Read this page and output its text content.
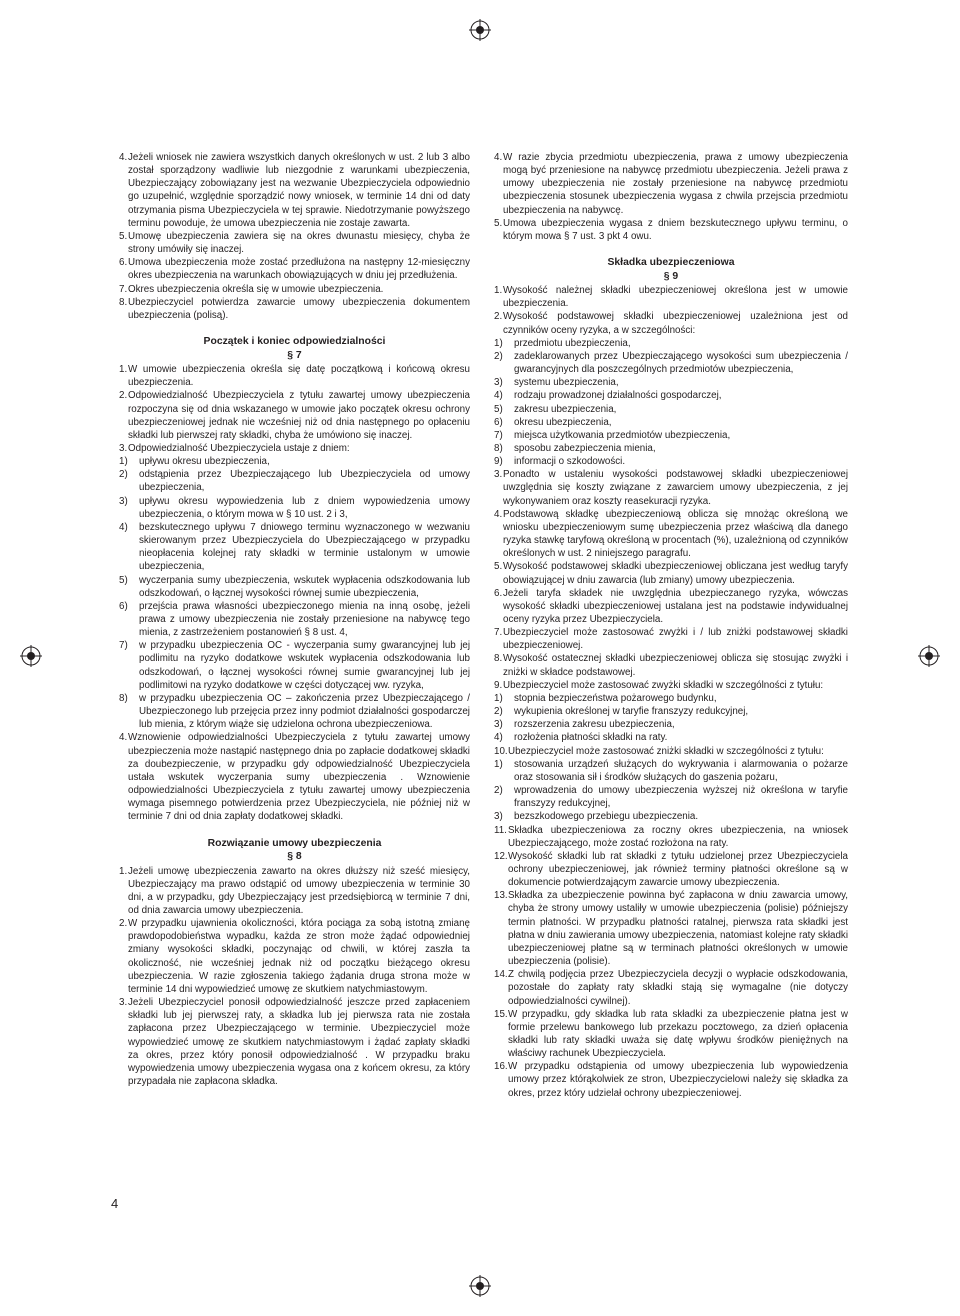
4. Jeżeli wniosek nie zawiera wszystkich danych określonych w ust. 2 lub 3 albo został sporządzony wadliwie lub niezgodnie z warunkami ubezpieczenia, Ubezpieczający zobowiązany jest na wezwanie Ubezpieczyciela odpowiednio go uzupełnić, względnie sporządzić nowy wniosek, w terminie 14 dni od daty otrzymania pisma Ubezpieczyciela w tej sprawie. Niedotrzymanie powyższego terminu powoduje, że umowa ubezpieczenia nie zostaje zawarta.
5. Umowę ubezpieczenia zawiera się na okres dwunastu miesięcy, chyba że strony umówiły się inaczej.
6. Umowa ubezpieczenia może zostać przedłużona na następny 12-miesięczny okres ubezpieczenia na warunkach obowiązujących w dniu jej przedłużenia.
7. Okres ubezpieczenia określa się w umowie ubezpieczenia.
8. Ubezpieczyciel potwierdza zawarcie umowy ubezpieczenia dokumentem ubezpieczenia (polisą).
Początek i koniec odpowiedzialności
§ 7
1. W umowie ubezpieczenia określa się datę początkową i końcową okresu ubezpieczenia.
2. Odpowiedzialność Ubezpieczyciela z tytułu zawartej umowy ubezpieczenia rozpoczyna się od dnia wskazanego w umowie jako początek okresu ochrony ubezpieczeniowej jednak nie wcześniej niż od dnia następnego po opłaceniu składki lub pierwszej raty składki, chyba że umówiono się inaczej.
3. Odpowiedzialność Ubezpieczyciela ustaje z dniem:
1)	upływu okresu ubezpieczenia,
2)	odstąpienia przez Ubezpieczającego lub Ubezpieczyciela od umowy ubezpieczenia,
3)	upływu okresu wypowiedzenia lub z dniem wypowiedzenia umowy ubezpieczenia, o którym mowa w § 10 ust. 2 i 3,
4)	bezskutecznego upływu 7 dniowego terminu wyznaczonego w wezwaniu skierowanym przez Ubezpieczyciela do Ubezpieczającego w przypadku nieopłacenia kolejnej raty składki w terminie ustalonym w umowie ubezpieczenia,
5)	wyczerpania sumy ubezpieczenia, wskutek wypłacenia odszkodowania lub odszkodowań, o łącznej wysokości równej sumie ubezpieczenia,
6)	przejścia prawa własności ubezpieczonego mienia na inną osobę, jeżeli prawa z umowy ubezpieczenia nie zostały przeniesione na nabywcę tego mienia, z zastrzeżeniem postanowień § 8 ust. 4,
7)	w przypadku ubezpieczenia OC - wyczerpania sumy gwarancyjnej lub jej podlimitu na ryzyko dodatkowe wskutek wypłacenia odszkodowania lub odszkodowań, o łącznej wysokości równej sumie gwarancyjnej lub jej podlimitowi na ryzyko dodatkowe w części dotyczącej ww. ryzyka,
8)	w przypadku ubezpieczenia OC – zakończenia przez Ubezpieczającego / Ubezpieczonego lub przejęcia przez inny podmiot działalności gospodarczej lub mienia, z którym wiąże się udzielona ochrona ubezpieczeniowa.
4. Wznowienie odpowiedzialności Ubezpieczyciela z tytułu zawartej umowy ubezpieczenia może nastąpić następnego dnia po zapłacie dodatkowej składki za doubezpieczenie, w przypadku gdy odpowiedzialność Ubezpieczyciela ustała wskutek wyczerpania sumy ubezpieczenia . Wznowienie odpowiedzialności Ubezpieczyciela z tytułu zawartej umowy ubezpieczenia wymaga pisemnego potwierdzenia przez Ubezpieczyciela, nie później niż w terminie 7 dni od dnia zapłaty dodatkowej składki.
Rozwiązanie umowy ubezpieczenia
§ 8
1. Jeżeli umowę ubezpieczenia zawarto na okres dłuższy niż sześć miesięcy, Ubezpieczający ma prawo odstąpić od umowy ubezpieczenia w terminie 30 dni, a w przypadku, gdy Ubezpieczający jest przedsiębiorcą w terminie 7 dni, od dnia zawarcia umowy ubezpieczenia.
2. W przypadku ujawnienia okoliczności, która pociąga za sobą istotną zmianę prawdopodobieństwa wypadku, każda ze stron może żądać odpowiedniej zmiany wysokości składki, poczynając od chwili, w której zaszła ta okoliczność, nie wcześniej jednak niż od początku bieżącego okresu ubezpieczenia. W razie zgłoszenia takiego żądania druga strona może w terminie 14 dni wypowiedzieć umowę ze skutkiem natychmiastowym.
3. Jeżeli Ubezpieczyciel ponosił odpowiedzialność jeszcze przed zapłaceniem składki lub jej pierwszej raty, a składka lub jej pierwsza rata nie została zapłacona przez Ubezpieczającego w terminie. Ubezpieczyciel może wypowiedzieć umowę ze skutkiem natychmiastowym i żądać zapłaty składki za okres, przez który ponosił odpowiedzialność . W przypadku braku wypowiedzenia umowy ubezpieczenia wygasa ona z końcem okresu, za który przypadała nie zapłacona składka.
4. W razie zbycia przedmiotu ubezpieczenia, prawa z umowy ubezpieczenia mogą być przeniesione na nabywcę przedmiotu ubezpieczenia. Jeżeli prawa z umowy ubezpieczenia nie zostały przeniesione na nabywcę przedmiotu ubezpieczenia stosunek ubezpieczenia wygasa z chwila przejscia przedmiotu ubezpieczenia na nabywcę.
5. Umowa ubezpieczenia wygasa z dniem bezskutecznego upływu terminu, o którym mowa § 7 ust. 3 pkt 4 owu.
Składka ubezpieczeniowa
§ 9
1. Wysokość należnej składki ubezpieczeniowej określona jest w umowie ubezpieczenia.
2. Wysokość podstawowej składki ubezpieczeniowej uzależniona jest od czynników oceny ryzyka, a w szczególności:
1)	przedmiotu ubezpieczenia,
2)	zadeklarowanych przez Ubezpieczającego wysokości sum ubezpieczenia / gwarancyjnych dla poszczególnych przedmiotów ubezpieczenia,
3)	systemu ubezpieczenia,
4)	rodzaju prowadzonej działalności gospodarczej,
5)	zakresu ubezpieczenia,
6)	okresu ubezpieczenia,
7)	miejsca użytkowania przedmiotów ubezpieczenia,
8)	sposobu zabezpieczenia mienia,
9)	informacji o szkodowości.
3. Ponadto w ustaleniu wysokości podstawowej składki ubezpieczeniowej uwzględnia się koszty związane z zawarciem umowy ubezpieczenia, z jej wykonywaniem oraz koszty reasekuracji ryzyka.
4. Podstawową składkę ubezpieczeniową oblicza się mnożąc określoną we wniosku ubezpieczeniowym sumę ubezpieczenia przez właściwą dla danego ryzyka stawkę taryfową określoną w procentach (%), uzależnioną od czynników określonych w ust. 2 niniejszego paragrafu.
5. Wysokość podstawowej składki ubezpieczeniowej obliczana jest według taryfy obowiązującej w dniu zawarcia (lub zmiany) umowy ubezpieczenia.
6. Jeżeli taryfa składek nie uwzględnia ubezpieczanego ryzyka, wówczas wysokość składki ubezpieczeniowej ustalana jest na podstawie indywidualnej oceny ryzyka przez Ubezpieczyciela.
7. Ubezpieczyciel może zastosować zwyżki i / lub zniżki podstawowej składki ubezpieczeniowej.
8. Wysokość ostatecznej składki ubezpieczeniowej oblicza się stosując zwyżki i zniżki w składce podstawowej.
9. Ubezpieczyciel może zastosować zwyżki składki w szczególności z tytułu:
1)	stopnia bezpieczeństwa pożarowego budynku,
2)	wykupienia określonej w taryfie franszyzy redukcyjnej,
3)	rozszerzenia zakresu ubezpieczenia,
4)	rozłożenia płatności składki na raty.
10. Ubezpieczyciel może zastosować zniżki składki w szczególności z tytułu:
1)	stosowania urządzeń służących do wykrywania i alarmowania o pożarze oraz stosowania sił i środków służących do gaszenia pożaru,
2)	wprowadzenia do umowy ubezpieczenia wyższej niż określona w taryfie franszyzy redukcyjnej,
3)	bezszkodowego przebiegu ubezpieczenia.
11. Składka ubezpieczeniowa za roczny okres ubezpieczenia, na wniosek Ubezpieczającego, może zostać rozłożona na raty.
12. Wysokość składki lub rat składki z tytułu udzielonej przez Ubezpieczyciela ochrony ubezpieczeniowej, jak również terminy płatności określone są w dokumencie potwierdzającym zawarcie umowy ubezpieczenia.
13. Składka za ubezpieczenie powinna być zapłacona w dniu zawarcia umowy, chyba że strony umowy ustaliły w umowie ubezpieczenia (polisie) późniejszy termin płatności. W przypadku płatności ratalnej, pierwsza rata składki jest płatna w dniu zawierania umowy ubezpieczenia, natomiast kolejne raty składki ubezpieczeniowej płatne są w terminach płatności określonych w umowie ubezpieczenia (polisie).
14. Z chwilą podjęcia przez Ubezpieczyciela decyzji o wypłacie odszkodowania, pozostałe do zapłaty raty składki stają się wymagalne (nie dotyczy odpowiedzialności cywilnej).
15. W przypadku, gdy składka lub rata składki za ubezpieczenie płatna jest w formie przelewu bankowego lub przekazu pocztowego, za dzień opłacenia składki lub raty składki uważa się datę wpływu środków pieniężnych na właściwy rachunek Ubezpieczyciela.
16. W przypadku odstąpienia od umowy ubezpieczenia lub wypowiedzenia umowy przez którąkolwiek ze stron, Ubezpieczycielowi należy się składka za okres, przez który udzielał ochrony ubezpieczeniowej.
4
